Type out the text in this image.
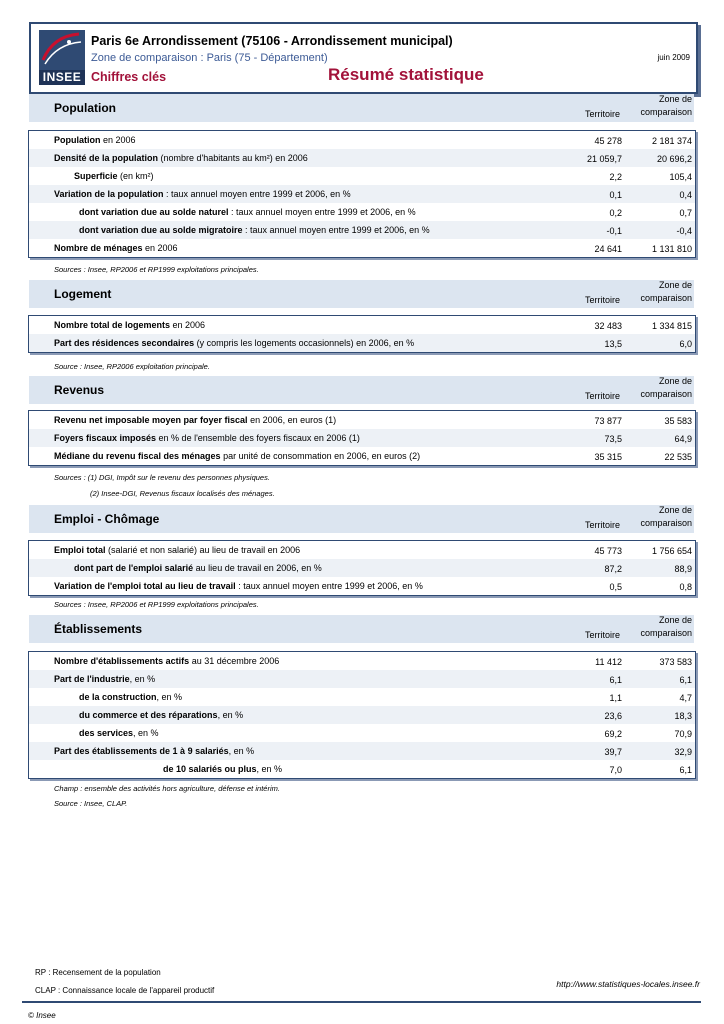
INSEE
Paris 6e Arrondissement (75106 - Arrondissement municipal)
Zone de comparaison : Paris (75 - Département)
Chiffres clés	Résumé statistique
juin 2009
Population	Territoire
Zone de
comparaison
Population en 2006	45 278	2 181 374
Densité de la population (nombre d'habitants au km²) en 2006	21 059,7	20 696,2
Superficie (en km²)	2,2	105,4
Variation de la population : taux annuel moyen entre 1999 et 2006, en %	0,1	0,4
dont variation due au solde naturel : taux annuel moyen entre 1999 et 2006, en %	0,2	0,7
dont variation due au solde migratoire : taux annuel moyen entre 1999 et 2006, en %	-0,1	-0,4
Nombre de ménages en 2006	24 641	1 131 810
Sources : Insee, RP2006 et RP1999 exploitations principales.
Logement	Territoire
Zone de
comparaison
Nombre total de logements en 2006	32 483	1 334 815
Part des résidences secondaires (y compris les logements occasionnels) en 2006, en %	13,5	6,0
Source : Insee, RP2006 exploitation principale.
Revenus	Territoire
Zone de
comparaison
Revenu net imposable moyen par foyer fiscal en 2006, en euros (1)	73 877	35 583
Foyers fiscaux imposés en % de l'ensemble des foyers fiscaux en 2006 (1)	73,5	64,9
Médiane du revenu fiscal des ménages par unité de consommation en 2006, en euros (2)	35 315	22 535
Sources : (1) DGI, Impôt sur le revenu des personnes physiques.
(2) Insee-DGI, Revenus fiscaux localisés des ménages.
Emploi - Chômage	Territoire
Zone de
comparaison
Emploi total (salarié et non salarié) au lieu de travail en 2006	45 773	1 756 654
dont part de l'emploi salarié au lieu de travail en 2006, en %	87,2	88,9
Variation de l'emploi total au lieu de travail : taux annuel moyen entre 1999 et 2006, en %	0,5	0,8
Sources : Insee, RP2006 et RP1999 exploitations principales.
Établissements	Territoire
Zone de
comparaison
Nombre d'établissements actifs au 31 décembre 2006	11 412	373 583
Part de l'industrie, en %	6,1	6,1
de la construction, en %	1,1	4,7
du commerce et des réparations, en %	23,6	18,3
des services, en %	69,2	70,9
Part des établissements de 1 à 9 salariés, en %	39,7	32,9
de 10 salariés ou plus, en %	7,0	6,1
Champ : ensemble des activités hors agriculture, défense et intérim.
Source : Insee, CLAP.
RP : Recensement de la population
CLAP : Connaissance locale de l'appareil productif
http://www.statistiques-locales.insee.fr
© Insee
